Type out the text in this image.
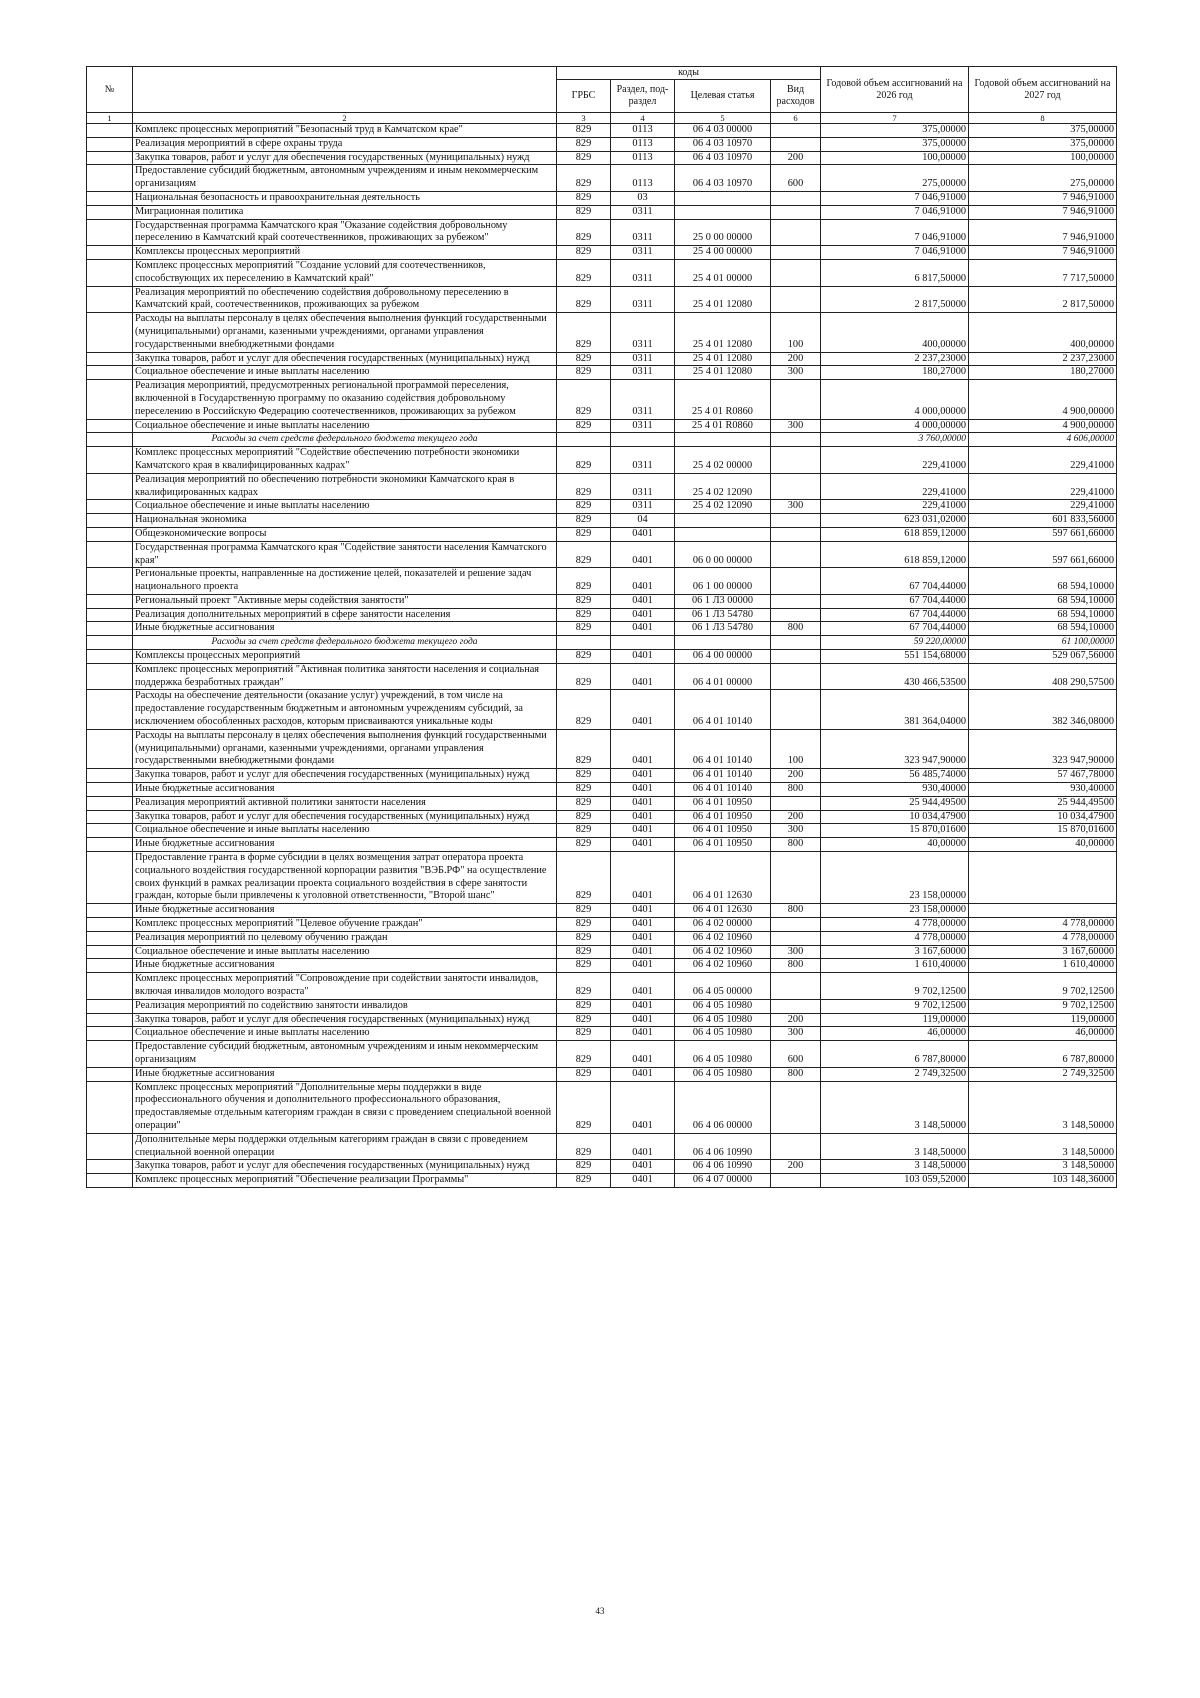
№		коды				Годовой объем ассигнований на 2026 год	Годовой объем ассигнований на 2027 год
		ГРБС	Раздел, под-раздел	Целевая статья	Вид расходов		
1	2	3	4	5	6	7	8
	Комплекс процессных мероприятий "Безопасный труд в Камчатском крае"	829	0113	06 4 03 00000		375,00000	375,00000
	Реализация мероприятий в сфере охраны труда	829	0113	06 4 03 10970		375,00000	375,00000
	Закупка товаров, работ и услуг для обеспечения государственных (муниципальных) нужд	829	0113	06 4 03 10970	200	100,00000	100,00000
	Предоставление субсидий бюджетным, автономным учреждениям и иным некоммерческим организациям	829	0113	06 4 03 10970	600	275,00000	275,00000
	Национальная безопасность и правоохранительная деятельность	829	03			7 046,91000	7 946,91000
	Миграционная политика	829	0311			7 046,91000	7 946,91000
	Государственная программа Камчатского края "Оказание содействия добровольному переселению в Камчатский край соотечественников, проживающих за рубежом"	829	0311	25 0 00 00000		7 046,91000	7 946,91000
	Комплексы процессных мероприятий	829	0311	25 4 00 00000		7 046,91000	7 946,91000
	Комплекс процессных мероприятий "Создание условий для соотечественников, способствующих их переселению в Камчатский край"	829	0311	25 4 01 00000		6 817,50000	7 717,50000
	Реализация мероприятий по обеспечению содействия добровольному переселению в Камчатский край, соотечественников, проживающих за рубежом	829	0311	25 4 01 12080		2 817,50000	2 817,50000
	Расходы на выплаты персоналу в целях обеспечения выполнения функций государственными (муниципальными) органами, казенными учреждениями, органами управления государственными внебюджетными фондами	829	0311	25 4 01 12080	100	400,00000	400,00000
	Закупка товаров, работ и услуг для обеспечения государственных (муниципальных) нужд	829	0311	25 4 01 12080	200	2 237,23000	2 237,23000
	Социальное обеспечение и иные выплаты населению	829	0311	25 4 01 12080	300	180,27000	180,27000
	Реализация мероприятий, предусмотренных региональной программой переселения, включенной в Государственную программу по оказанию содействия добровольному переселению в Российскую Федерацию соотечественников, проживающих за рубежом	829	0311	25 4 01 R0860		4 000,00000	4 900,00000
	Социальное обеспечение и иные выплаты населению	829	0311	25 4 01 R0860	300	4 000,00000	4 900,00000
	Расходы за счет средств федерального бюджета текущего года					3 760,00000	4 606,00000
	Комплекс процессных мероприятий "Содействие обеспечению потребности экономики Камчатского края в квалифицированных кадрах"	829	0311	25 4 02 00000		229,41000	229,41000
	Реализация мероприятий по обеспечению потребности экономики Камчатского края в квалифицированных кадрах	829	0311	25 4 02 12090		229,41000	229,41000
	Социальное обеспечение и иные выплаты населению	829	0311	25 4 02 12090	300	229,41000	229,41000
	Национальная экономика	829	04			623 031,02000	601 833,56000
	Общеэкономические вопросы	829	0401			618 859,12000	597 661,66000
	Государственная программа Камчатского края "Содействие занятости населения Камчатского края"	829	0401	06 0 00 00000		618 859,12000	597 661,66000
	Региональные проекты, направленные на достижение целей, показателей и решение задач национального проекта	829	0401	06 1 00 00000		67 704,44000	68 594,10000
	Региональный проект "Активные меры содействия занятости"	829	0401	06 1 Л3 00000		67 704,44000	68 594,10000
	Реализация дополнительных мероприятий в сфере занятости населения	829	0401	06 1 Л3 54780		67 704,44000	68 594,10000
	Иные бюджетные ассигнования	829	0401	06 1 Л3 54780	800	67 704,44000	68 594,10000
	Расходы за счет средств федерального бюджета текущего года					59 220,00000	61 100,00000
	Комплексы процессных мероприятий	829	0401	06 4 00 00000		551 154,68000	529 067,56000
	Комплекс процессных мероприятий "Активная политика занятости населения и социальная поддержка безработных граждан"	829	0401	06 4 01 00000		430 466,53500	408 290,57500
	Расходы на обеспечение деятельности (оказание услуг) учреждений, в том числе на предоставление государственным бюджетным и автономным учреждениям субсидий, за исключением обособленных расходов, которым присваиваются уникальные коды	829	0401	06 4 01 10140		381 364,04000	382 346,08000
	Расходы на выплаты персоналу в целях обеспечения выполнения функций государственными (муниципальными) органами, казенными учреждениями, органами управления государственными внебюджетными фондами	829	0401	06 4 01 10140	100	323 947,90000	323 947,90000
	Закупка товаров, работ и услуг для обеспечения государственных (муниципальных) нужд	829	0401	06 4 01 10140	200	56 485,74000	57 467,78000
	Иные бюджетные ассигнования	829	0401	06 4 01 10140	800	930,40000	930,40000
	Реализация мероприятий активной политики занятости населения	829	0401	06 4 01 10950		25 944,49500	25 944,49500
	Закупка товаров, работ и услуг для обеспечения государственных (муниципальных) нужд	829	0401	06 4 01 10950	200	10 034,47900	10 034,47900
	Социальное обеспечение и иные выплаты населению	829	0401	06 4 01 10950	300	15 870,01600	15 870,01600
	Иные бюджетные ассигнования	829	0401	06 4 01 10950	800	40,00000	40,00000
	Предоставление гранта в форме субсидии в целях возмещения затрат оператора проекта социального воздействия государственной корпорации развития "ВЭБ.РФ" на осуществление своих функций в рамках реализации проекта социального воздействия в сфере занятости граждан, которые были привлечены к уголовной ответственности, "Второй шанс"	829	0401	06 4 01 12630		23 158,00000	
	Иные бюджетные ассигнования	829	0401	06 4 01 12630	800	23 158,00000	
	Комплекс процессных мероприятий "Целевое обучение граждан"	829	0401	06 4 02 00000		4 778,00000	4 778,00000
	Реализация мероприятий по целевому обучению граждан	829	0401	06 4 02 10960		4 778,00000	4 778,00000
	Социальное обеспечение и иные выплаты населению	829	0401	06 4 02 10960	300	3 167,60000	3 167,60000
	Иные бюджетные ассигнования	829	0401	06 4 02 10960	800	1 610,40000	1 610,40000
	Комплекс процессных мероприятий "Сопровождение при содействии занятости инвалидов, включая инвалидов молодого возраста"	829	0401	06 4 05 00000		9 702,12500	9 702,12500
	Реализация мероприятий по содействию занятости инвалидов	829	0401	06 4 05 10980		9 702,12500	9 702,12500
	Закупка товаров, работ и услуг для обеспечения государственных (муниципальных) нужд	829	0401	06 4 05 10980	200	119,00000	119,00000
	Социальное обеспечение и иные выплаты населению	829	0401	06 4 05 10980	300	46,00000	46,00000
	Предоставление субсидий бюджетным, автономным учреждениям и иным некоммерческим организациям	829	0401	06 4 05 10980	600	6 787,80000	6 787,80000
	Иные бюджетные ассигнования	829	0401	06 4 05 10980	800	2 749,32500	2 749,32500
	Комплекс процессных мероприятий "Дополнительные меры поддержки в виде профессионального обучения и дополнительного профессионального образования, предоставляемые отдельным категориям граждан в связи с проведением специальной военной операции"	829	0401	06 4 06 00000		3 148,50000	3 148,50000
	Дополнительные меры поддержки отдельным категориям граждан в связи с проведением специальной военной операции	829	0401	06 4 06 10990		3 148,50000	3 148,50000
	Закупка товаров, работ и услуг для обеспечения государственных (муниципальных) нужд	829	0401	06 4 06 10990	200	3 148,50000	3 148,50000
	Комплекс процессных мероприятий "Обеспечение реализации Программы"	829	0401	06 4 07 00000		103 059,52000	103 148,36000
43
